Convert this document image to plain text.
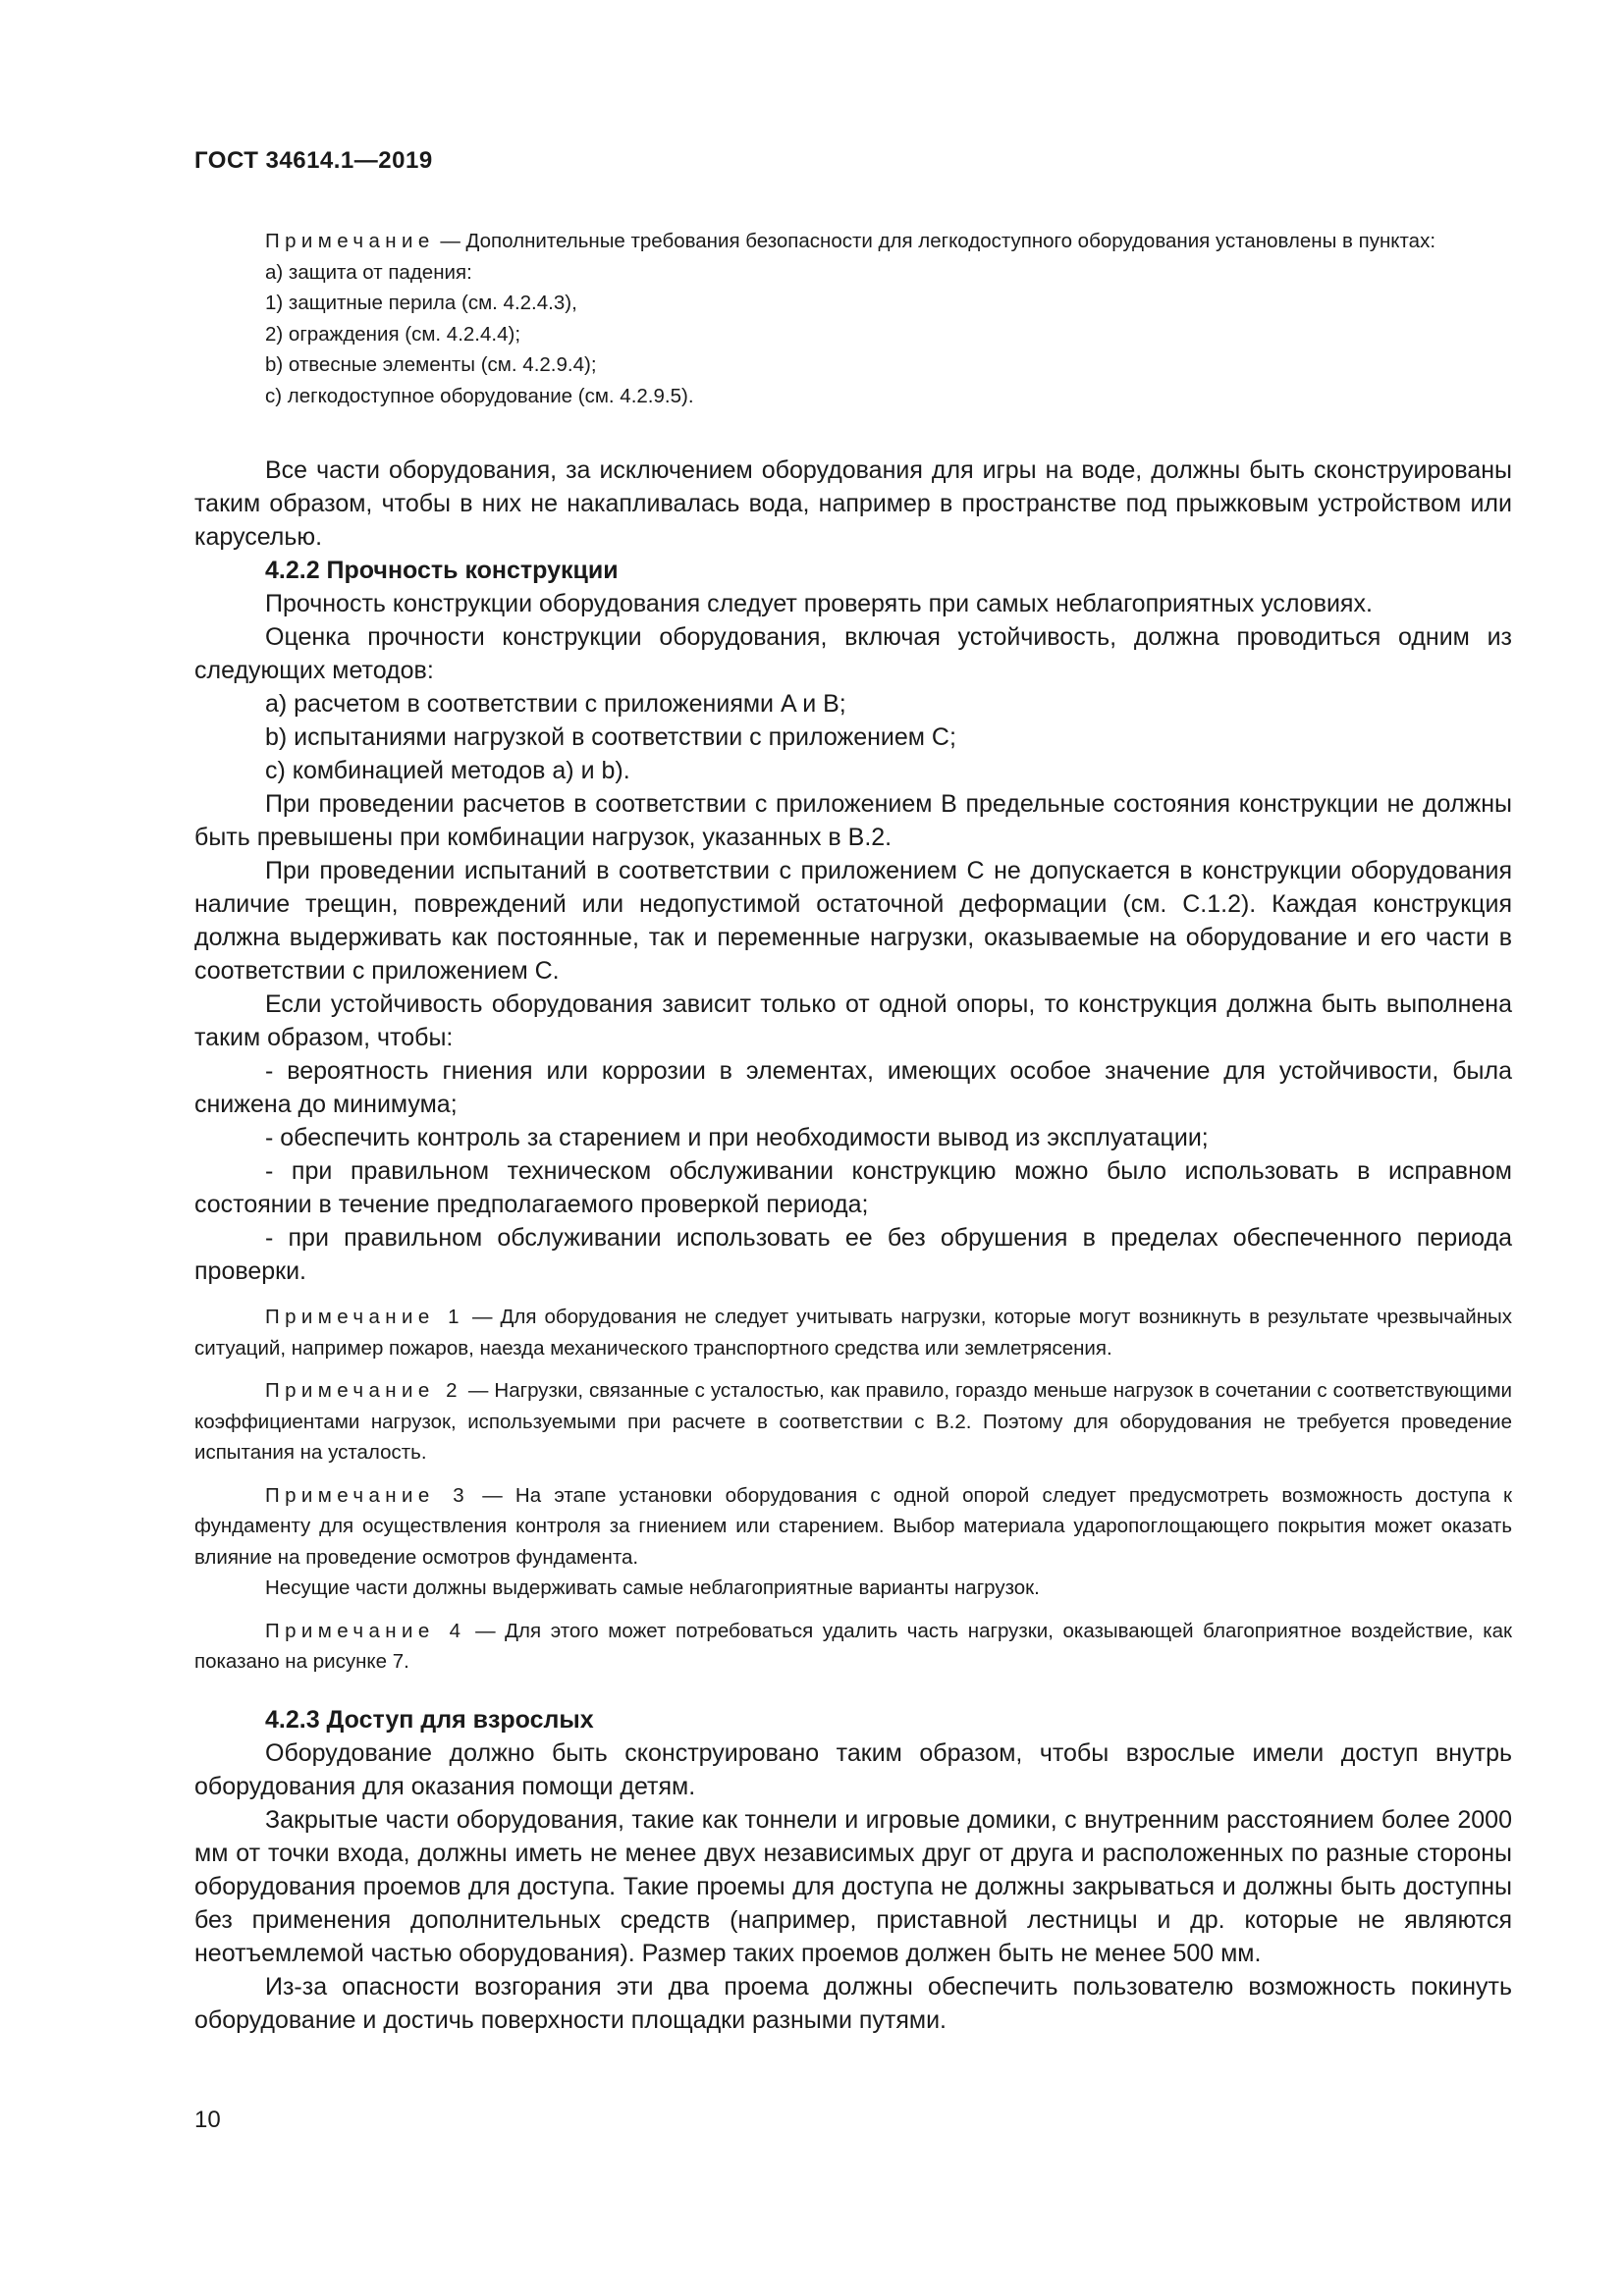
ГОСТ 34614.1—2019

Примечание — Дополнительные требования безопасности для легкодоступного оборудования установлены в пунктах:

a) защита от падения:

1) защитные перила (см. 4.2.4.3),

2) ограждения (см. 4.2.4.4);

b) отвесные элементы (см. 4.2.9.4);

c) легкодоступное оборудование (см. 4.2.9.5).

Все части оборудования, за исключением оборудования для игры на воде, должны быть сконструированы таким образом, чтобы в них не накапливалась вода, например в пространстве под прыжковым устройством или каруселью.

4.2.2 Прочность конструкции

Прочность конструкции оборудования следует проверять при самых неблагоприятных условиях.

Оценка прочности конструкции оборудования, включая устойчивость, должна проводиться одним из следующих методов:

a) расчетом в соответствии с приложениями A и B;

b) испытаниями нагрузкой в соответствии с приложением C;

c) комбинацией методов a) и b).

При проведении расчетов в соответствии с приложением B предельные состояния конструкции не должны быть превышены при комбинации нагрузок, указанных в B.2.

При проведении испытаний в соответствии с приложением C не допускается в конструкции оборудования наличие трещин, повреждений или недопустимой остаточной деформации (см. C.1.2). Каждая конструкция должна выдерживать как постоянные, так и переменные нагрузки, оказываемые на оборудование и его части в соответствии с приложением C.

Если устойчивость оборудования зависит только от одной опоры, то конструкция должна быть выполнена таким образом, чтобы:

- вероятность гниения или коррозии в элементах, имеющих особое значение для устойчивости, была снижена до минимума;

- обеспечить контроль за старением и при необходимости вывод из эксплуатации;

- при правильном техническом обслуживании конструкцию можно было использовать в исправном состоянии в течение предполагаемого проверкой периода;

- при правильном обслуживании использовать ее без обрушения в пределах обеспеченного периода проверки.

Примечание 1 — Для оборудования не следует учитывать нагрузки, которые могут возникнуть в результате чрезвычайных ситуаций, например пожаров, наезда механического транспортного средства или землетрясения.

Примечание 2 — Нагрузки, связанные с усталостью, как правило, гораздо меньше нагрузок в сочетании с соответствующими коэффициентами нагрузок, используемыми при расчете в соответствии с B.2. Поэтому для оборудования не требуется проведение испытания на усталость.

Примечание 3 — На этапе установки оборудования с одной опорой следует предусмотреть возможность доступа к фундаменту для осуществления контроля за гниением или старением. Выбор материала ударопоглощающего покрытия может оказать влияние на проведение осмотров фундамента.

Несущие части должны выдерживать самые неблагоприятные варианты нагрузок.

Примечание 4 — Для этого может потребоваться удалить часть нагрузки, оказывающей благоприятное воздействие, как показано на рисунке 7.

4.2.3 Доступ для взрослых

Оборудование должно быть сконструировано таким образом, чтобы взрослые имели доступ внутрь оборудования для оказания помощи детям.

Закрытые части оборудования, такие как тоннели и игровые домики, с внутренним расстоянием более 2000 мм от точки входа, должны иметь не менее двух независимых друг от друга и расположенных по разные стороны оборудования проемов для доступа. Такие проемы для доступа не должны закрываться и должны быть доступны без применения дополнительных средств (например, приставной лестницы и др. которые не являются неотъемлемой частью оборудования). Размер таких проемов должен быть не менее 500 мм.

Из-за опасности возгорания эти два проема должны обеспечить пользователю возможность покинуть оборудование и достичь поверхности площадки разными путями.

10
